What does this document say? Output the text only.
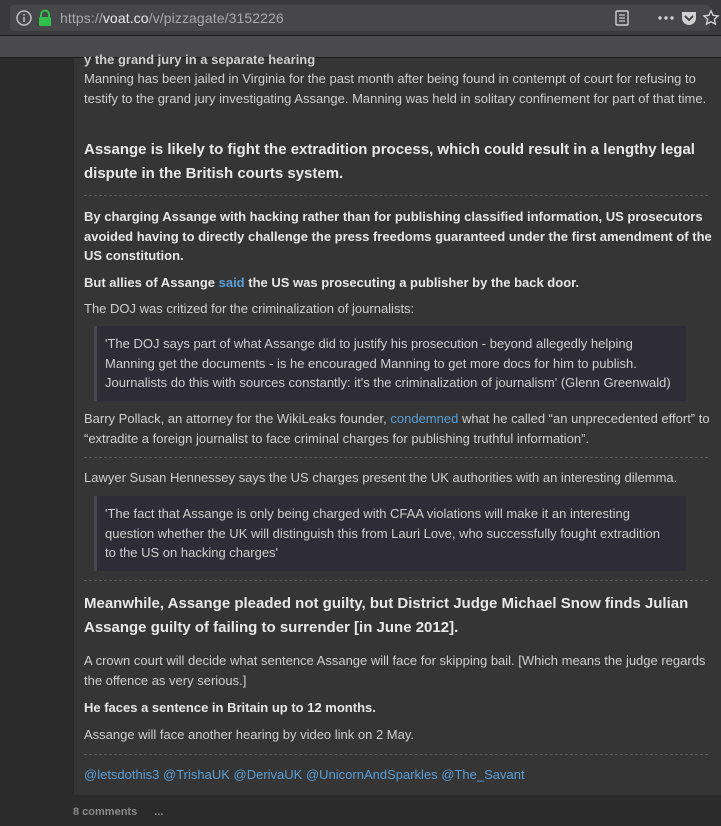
https://voat.co/v/pizzagate/3152226
y the grand jury in a separate hearing
Manning has been jailed in Virginia for the past month after being found in contempt of court for refusing to testify to the grand jury investigating Assange. Manning was held in solitary confinement for part of that time.
Assange is likely to fight the extradition process, which could result in a lengthy legal dispute in the British courts system.
By charging Assange with hacking rather than for publishing classified information, US prosecutors avoided having to directly challenge the press freedoms guaranteed under the first amendment of the US constitution.
But allies of Assange said the US was prosecuting a publisher by the back door.
The DOJ was critized for the criminalization of journalists:
'The DOJ says part of what Assange did to justify his prosecution - beyond allegedly helping Manning get the documents - is he encouraged Manning to get more docs for him to publish. Journalists do this with sources constantly: it's the criminalization of journalism' (Glenn Greenwald)
Barry Pollack, an attorney for the WikiLeaks founder, condemned what he called “an unprecedented effort” to “extradite a foreign journalist to face criminal charges for publishing truthful information”.
Lawyer Susan Hennessey says the US charges present the UK authorities with an interesting dilemma.
'The fact that Assange is only being charged with CFAA violations will make it an interesting question whether the UK will distinguish this from Lauri Love, who successfully fought extradition to the US on hacking charges'
Meanwhile, Assange pleaded not guilty, but District Judge Michael Snow finds Julian Assange guilty of failing to surrender [in June 2012].
A crown court will decide what sentence Assange will face for skipping bail. [Which means the judge regards the offence as very serious.]
He faces a sentence in Britain up to 12 months.
Assange will face another hearing by video link on 2 May.
@letsdothis3 @TrishaUK @DerivaUK @UnicornAndSparkles @The_Savant
8 comments ...
